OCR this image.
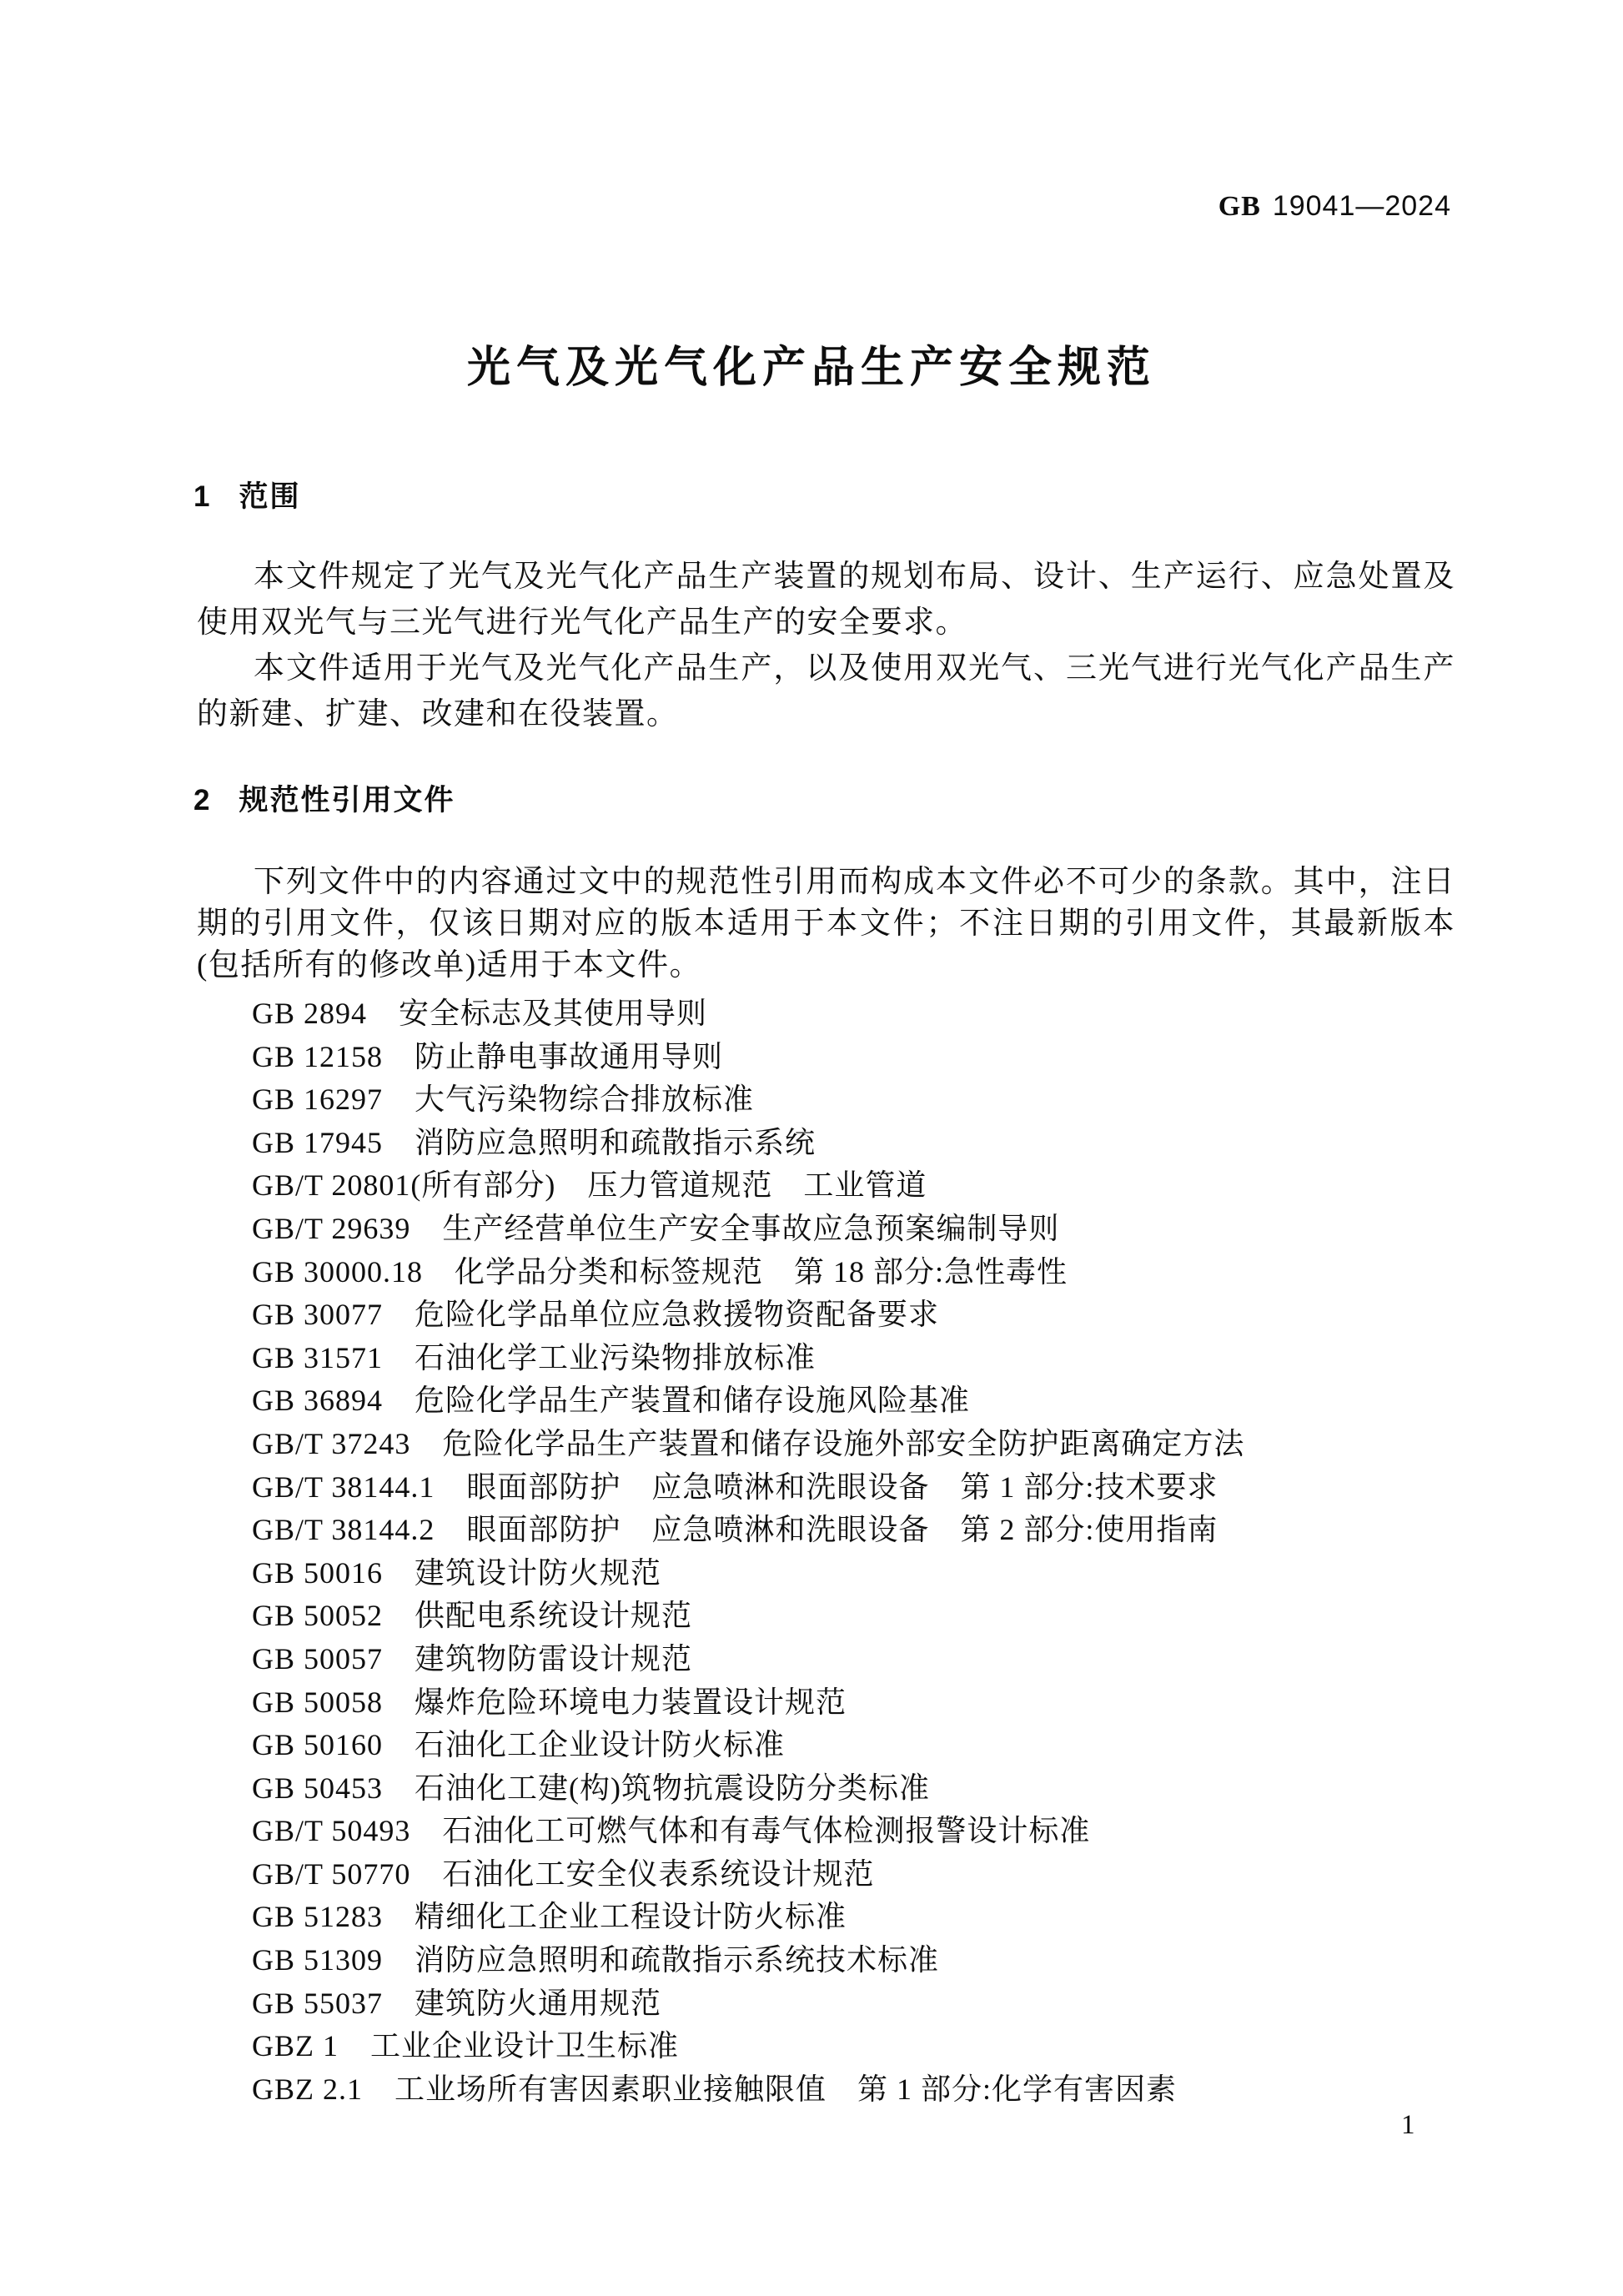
GB 19041—2024
光气及光气化产品生产安全规范
1 范围

本文件规定了光气及光气化产品生产装置的规划布局、设计、生产运行、应急处置及使用双光气与三光气进行光气化产品生产的安全要求。

本文件适用于光气及光气化产品生产，以及使用双光气、三光气进行光气化产品生产的新建、扩建、改建和在役装置。

2 规范性引用文件

下列文件中的内容通过文中的规范性引用而构成本文件必不可少的条款。其中，注日期的引用文件，仅该日期对应的版本适用于本文件；不注日期的引用文件，其最新版本(包括所有的修改单)适用于本文件。

GB 2894 安全标志及其使用导则
GB 12158 防止静电事故通用导则
GB 16297 大气污染物综合排放标准
GB 17945 消防应急照明和疏散指示系统
GB/T 20801(所有部分) 压力管道规范　工业管道
GB/T 29639 生产经营单位生产安全事故应急预案编制导则
GB 30000.18 化学品分类和标签规范　第 18 部分:急性毒性
GB 30077 危险化学品单位应急救援物资配备要求
GB 31571 石油化学工业污染物排放标准
GB 36894 危险化学品生产装置和储存设施风险基准
GB/T 37243 危险化学品生产装置和储存设施外部安全防护距离确定方法
GB/T 38144.1 眼面部防护　应急喷淋和洗眼设备　第 1 部分:技术要求
GB/T 38144.2 眼面部防护　应急喷淋和洗眼设备　第 2 部分:使用指南
GB 50016 建筑设计防火规范
GB 50052 供配电系统设计规范
GB 50057 建筑物防雷设计规范
GB 50058 爆炸危险环境电力装置设计规范
GB 50160 石油化工企业设计防火标准
GB 50453 石油化工建(构)筑物抗震设防分类标准
GB/T 50493 石油化工可燃气体和有毒气体检测报警设计标准
GB/T 50770 石油化工安全仪表系统设计规范
GB 51283 精细化工企业工程设计防火标准
GB 51309 消防应急照明和疏散指示系统技术标准
GB 55037 建筑防火通用规范
GBZ 1 工业企业设计卫生标准
GBZ 2.1 工业场所有害因素职业接触限值　第 1 部分:化学有害因素
1
